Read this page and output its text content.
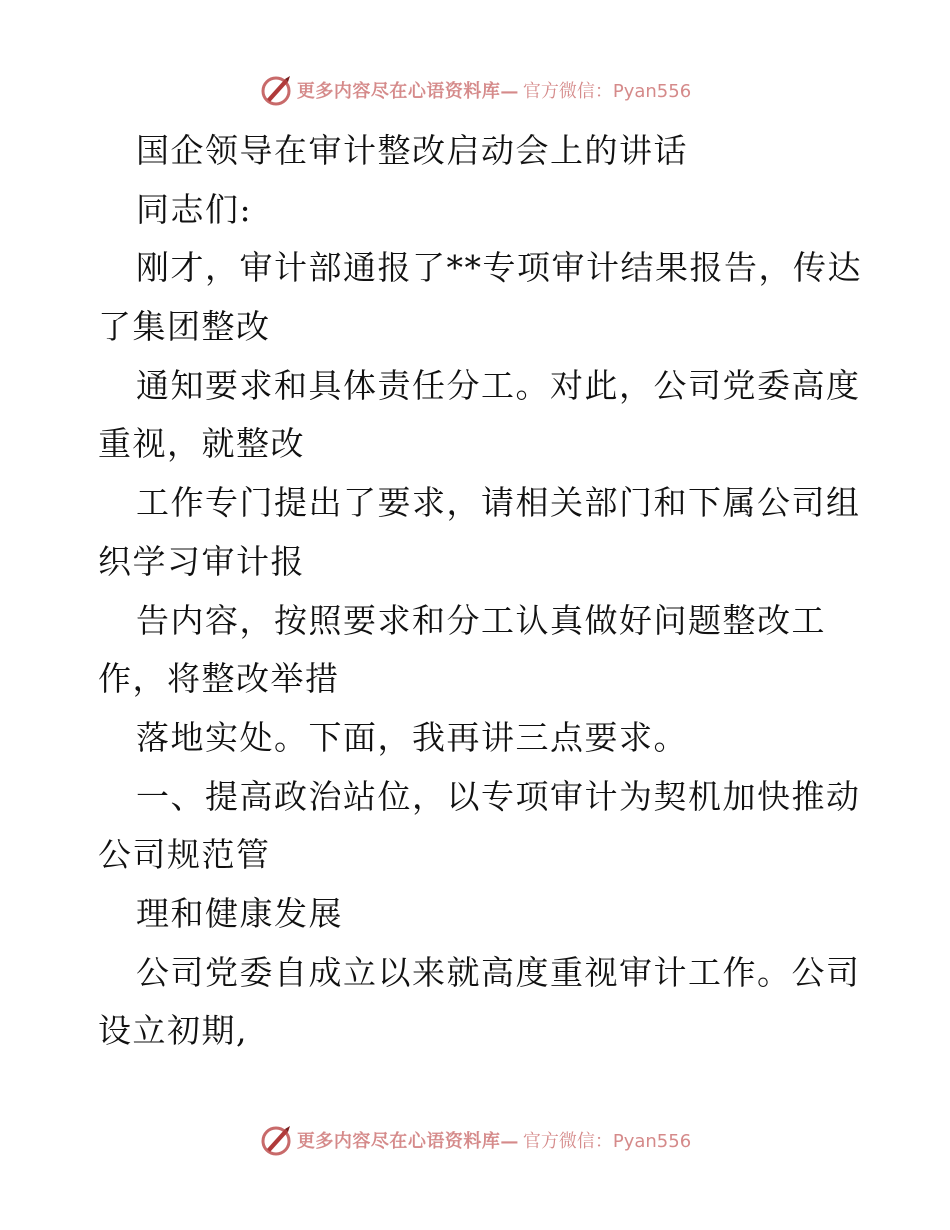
更多内容尽在心语资料库— 官方微信：Pyan556
国企领导在审计整改启动会上的讲话
同志们:
刚才，审计部通报了**专项审计结果报告，传达
了集团整改
通知要求和具体责任分工。对此，公司党委高度
重视，就整改
工作专门提出了要求，请相关部门和下属公司组
织学习审计报
告内容，按照要求和分工认真做好问题整改工
作，将整改举措
落地实处。下面，我再讲三点要求。
一、提高政治站位，以专项审计为契机加快推动
公司规范管
理和健康发展
公司党委自成立以来就高度重视审计工作。公司
设立初期,
更多内容尽在心语资料库— 官方微信：Pyan556
